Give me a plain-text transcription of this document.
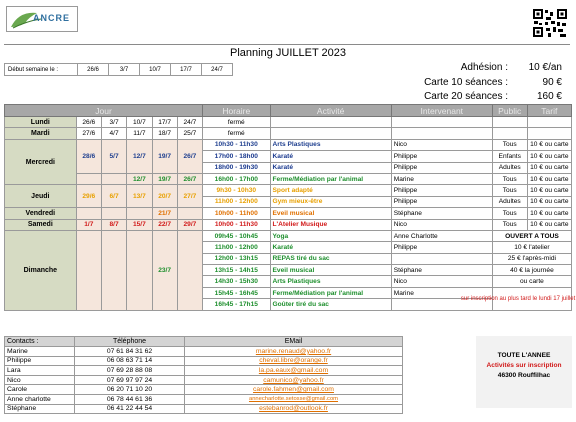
ANCRE
Planning JUILLET 2023
Adhésion : 10 €/an
Carte 10 séances :	90 €
Carte 20 séances :	160 €
Début semaine le :	26/6	3/7	10/7	17/7	24/7
Jour						Horaire	Activité	Intervenant	Public	Tarif
Lundi	26/6	3/7	10/7	17/7	24/7	fermé				
Mardi	27/6	4/7	11/7	18/7	25/7	fermé				
Mercredi	28/6	5/7	12/7	19/7	26/7	10h30 - 11h30	Arts Plastiques	Nico	Tous	10 € ou carte
						17h00 - 18h00	Karaté	Philippe	Enfants	10 € ou carte
						18h00 - 19h30	Karaté	Philippe	Adultes	10 € ou carte
			12/7	19/7	26/7	16h00 - 17h00	Ferme/Médiation par l'animal	Marine	Tous	10 € ou carte
Jeudi	29/6	6/7	13/7	20/7	27/7	9h30 - 10h30	Sport adapté	Philippe	Tous	10 € ou carte
						11h00 - 12h00	Gym mieux-être	Philippe	Adultes	10 € ou carte
Vendredi				21/7		10h00 - 11h00	Eveil musical	Stéphane	Tous	10 € ou carte
Samedi	1/7	8/7	15/7	22/7	29/7	10h00 - 11h30	L'Atelier Musique	Nico	Tous	10 € ou carte
Dimanche				23/7		09h45 - 10h45	Yoga	Anne Charlotte	OUVERT A TOUS	
						11h00 - 12h00	Karaté	Philippe	10 € l'atelier	
						12h00 - 13h15	REPAS tiré du sac		25 € l'après-midi	
						13h15 - 14h15	Eveil musical	Stéphane	40 € la journée	
						14h30 - 15h30	Arts Plastiques	Nico	ou carte	
						15h45 - 16h45	Ferme/Médiation par l'animal	Marine	sur inscription au plus tard le lundi 17 juillet	
						16h45 - 17h15	Goûter tiré du sac			
Contacts :	Téléphone	EMail
Marine	07 61 84 31 62	marine.renaud@yahoo.fr
Philippe	06 08 63 71 14	cheval.libre@orange.fr
Lara	07 69 28 88 08	la.pa.eaux@gmail.com
Nico	07 69 97 97 24	camunico@yahoo.fr
Carole	06 20 71 10 20	carole.fahmen@gmail.com
Anne charlotte	06 78 44 61 36	annecharlotte.setosse@gmail.com
Stéphane	06 41 22 44 54	estebanrod@outlook.fr
TOUTE L'ANNEE
Activités sur inscription
46300 Rouffilhac
